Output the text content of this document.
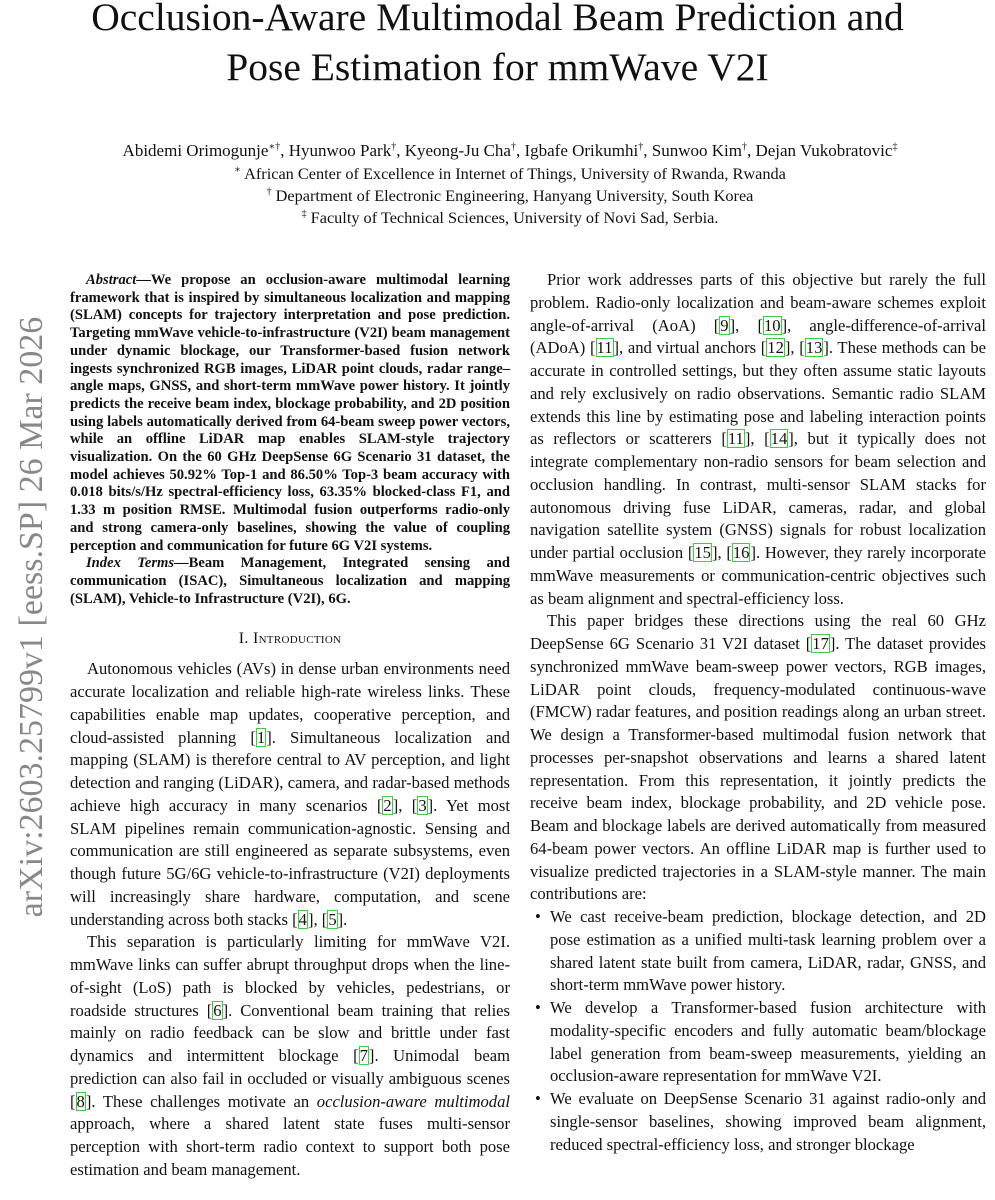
Occlusion-Aware Multimodal Beam Prediction and
Pose Estimation for mmWave V2I
Abidemi Orimogunje∗†, Hyunwoo Park†, Kyeong-Ju Cha†, Igbafe Orikumhi†, Sunwoo Kim†, Dejan Vukobratovic‡
∗ African Center of Excellence in Internet of Things, University of Rwanda, Rwanda
† Department of Electronic Engineering, Hanyang University, South Korea
‡ Faculty of Technical Sciences, University of Novi Sad, Serbia.
arXiv:2603.25799v1 [eess.SP] 26 Mar 2026

Abstract—We propose an occlusion-aware multimodal learning framework that is inspired by simultaneous localization and mapping (SLAM) concepts for trajectory interpretation and pose prediction. Targeting mmWave vehicle-to-infrastructure (V2I) beam management under dynamic blockage, our Transformer-based fusion network ingests synchronized RGB images, LiDAR point clouds, radar range–angle maps, GNSS, and short-term mmWave power history. It jointly predicts the receive beam index, blockage probability, and 2D position using labels automatically derived from 64-beam sweep power vectors, while an offline LiDAR map enables SLAM-style trajectory visualization. On the 60 GHz DeepSense 6G Scenario 31 dataset, the model achieves 50.92% Top-1 and 86.50% Top-3 beam accuracy with 0.018 bits/s/Hz spectral-efficiency loss, 63.35% blocked-class F1, and 1.33 m position RMSE. Multimodal fusion outperforms radio-only and strong camera-only baselines, showing the value of coupling perception and communication for future 6G V2I systems.

Index Terms—Beam Management, Integrated sensing and communication (ISAC), Simultaneous localization and mapping (SLAM), Vehicle-to Infrastructure (V2I), 6G.

I. Introduction

Autonomous vehicles (AVs) in dense urban environments need accurate localization and reliable high-rate wireless links. These capabilities enable map updates, cooperative perception, and cloud-assisted planning [1]. Simultaneous localization and mapping (SLAM) is therefore central to AV perception, and light detection and ranging (LiDAR), camera, and radar-based methods achieve high accuracy in many scenarios [2], [3]. Yet most SLAM pipelines remain communication-agnostic. Sensing and communication are still engineered as separate subsystems, even though future 5G/6G vehicle-to-infrastructure (V2I) deployments will increasingly share hardware, computation, and scene understanding across both stacks [4], [5].

This separation is particularly limiting for mmWave V2I. mmWave links can suffer abrupt throughput drops when the line-of-sight (LoS) path is blocked by vehicles, pedestrians, or roadside structures [6]. Conventional beam training that relies mainly on radio feedback can be slow and brittle under fast dynamics and intermittent blockage [7]. Unimodal beam prediction can also fail in occluded or visually ambiguous scenes [8]. These challenges motivate an occlusion-aware multimodal approach, where a shared latent state fuses multi-sensor perception with short-term radio context to support both pose estimation and beam management.

Prior work addresses parts of this objective but rarely the full problem. Radio-only localization and beam-aware schemes exploit angle-of-arrival (AoA) [9], [10], angle-difference-of-arrival (ADoA) [11], and virtual anchors [12], [13]. These methods can be accurate in controlled settings, but they often assume static layouts and rely exclusively on radio observations. Semantic radio SLAM extends this line by estimating pose and labeling interaction points as reflectors or scatterers [11], [14], but it typically does not integrate complementary non-radio sensors for beam selection and occlusion handling. In contrast, multi-sensor SLAM stacks for autonomous driving fuse LiDAR, cameras, radar, and global navigation satellite system (GNSS) signals for robust localization under partial occlusion [15], [16]. However, they rarely incorporate mmWave measurements or communication-centric objectives such as beam alignment and spectral-efficiency loss.

This paper bridges these directions using the real 60 GHz DeepSense 6G Scenario 31 V2I dataset [17]. The dataset provides synchronized mmWave beam-sweep power vectors, RGB images, LiDAR point clouds, frequency-modulated continuous-wave (FMCW) radar features, and position readings along an urban street. We design a Transformer-based multimodal fusion network that processes per-snapshot observations and learns a shared latent representation. From this representation, it jointly predicts the receive beam index, blockage probability, and 2D vehicle pose. Beam and blockage labels are derived automatically from measured 64-beam power vectors. An offline LiDAR map is further used to visualize predicted trajectories in a SLAM-style manner. The main contributions are:

• We cast receive-beam prediction, blockage detection, and 2D pose estimation as a unified multi-task learning problem over a shared latent state built from camera, LiDAR, radar, GNSS, and short-term mmWave power history.
• We develop a Transformer-based fusion architecture with modality-specific encoders and fully automatic beam/blockage label generation from beam-sweep measurements, yielding an occlusion-aware representation for mmWave V2I.
• We evaluate on DeepSense Scenario 31 against radio-only and single-sensor baselines, showing improved beam alignment, reduced spectral-efficiency loss, and stronger blockage
